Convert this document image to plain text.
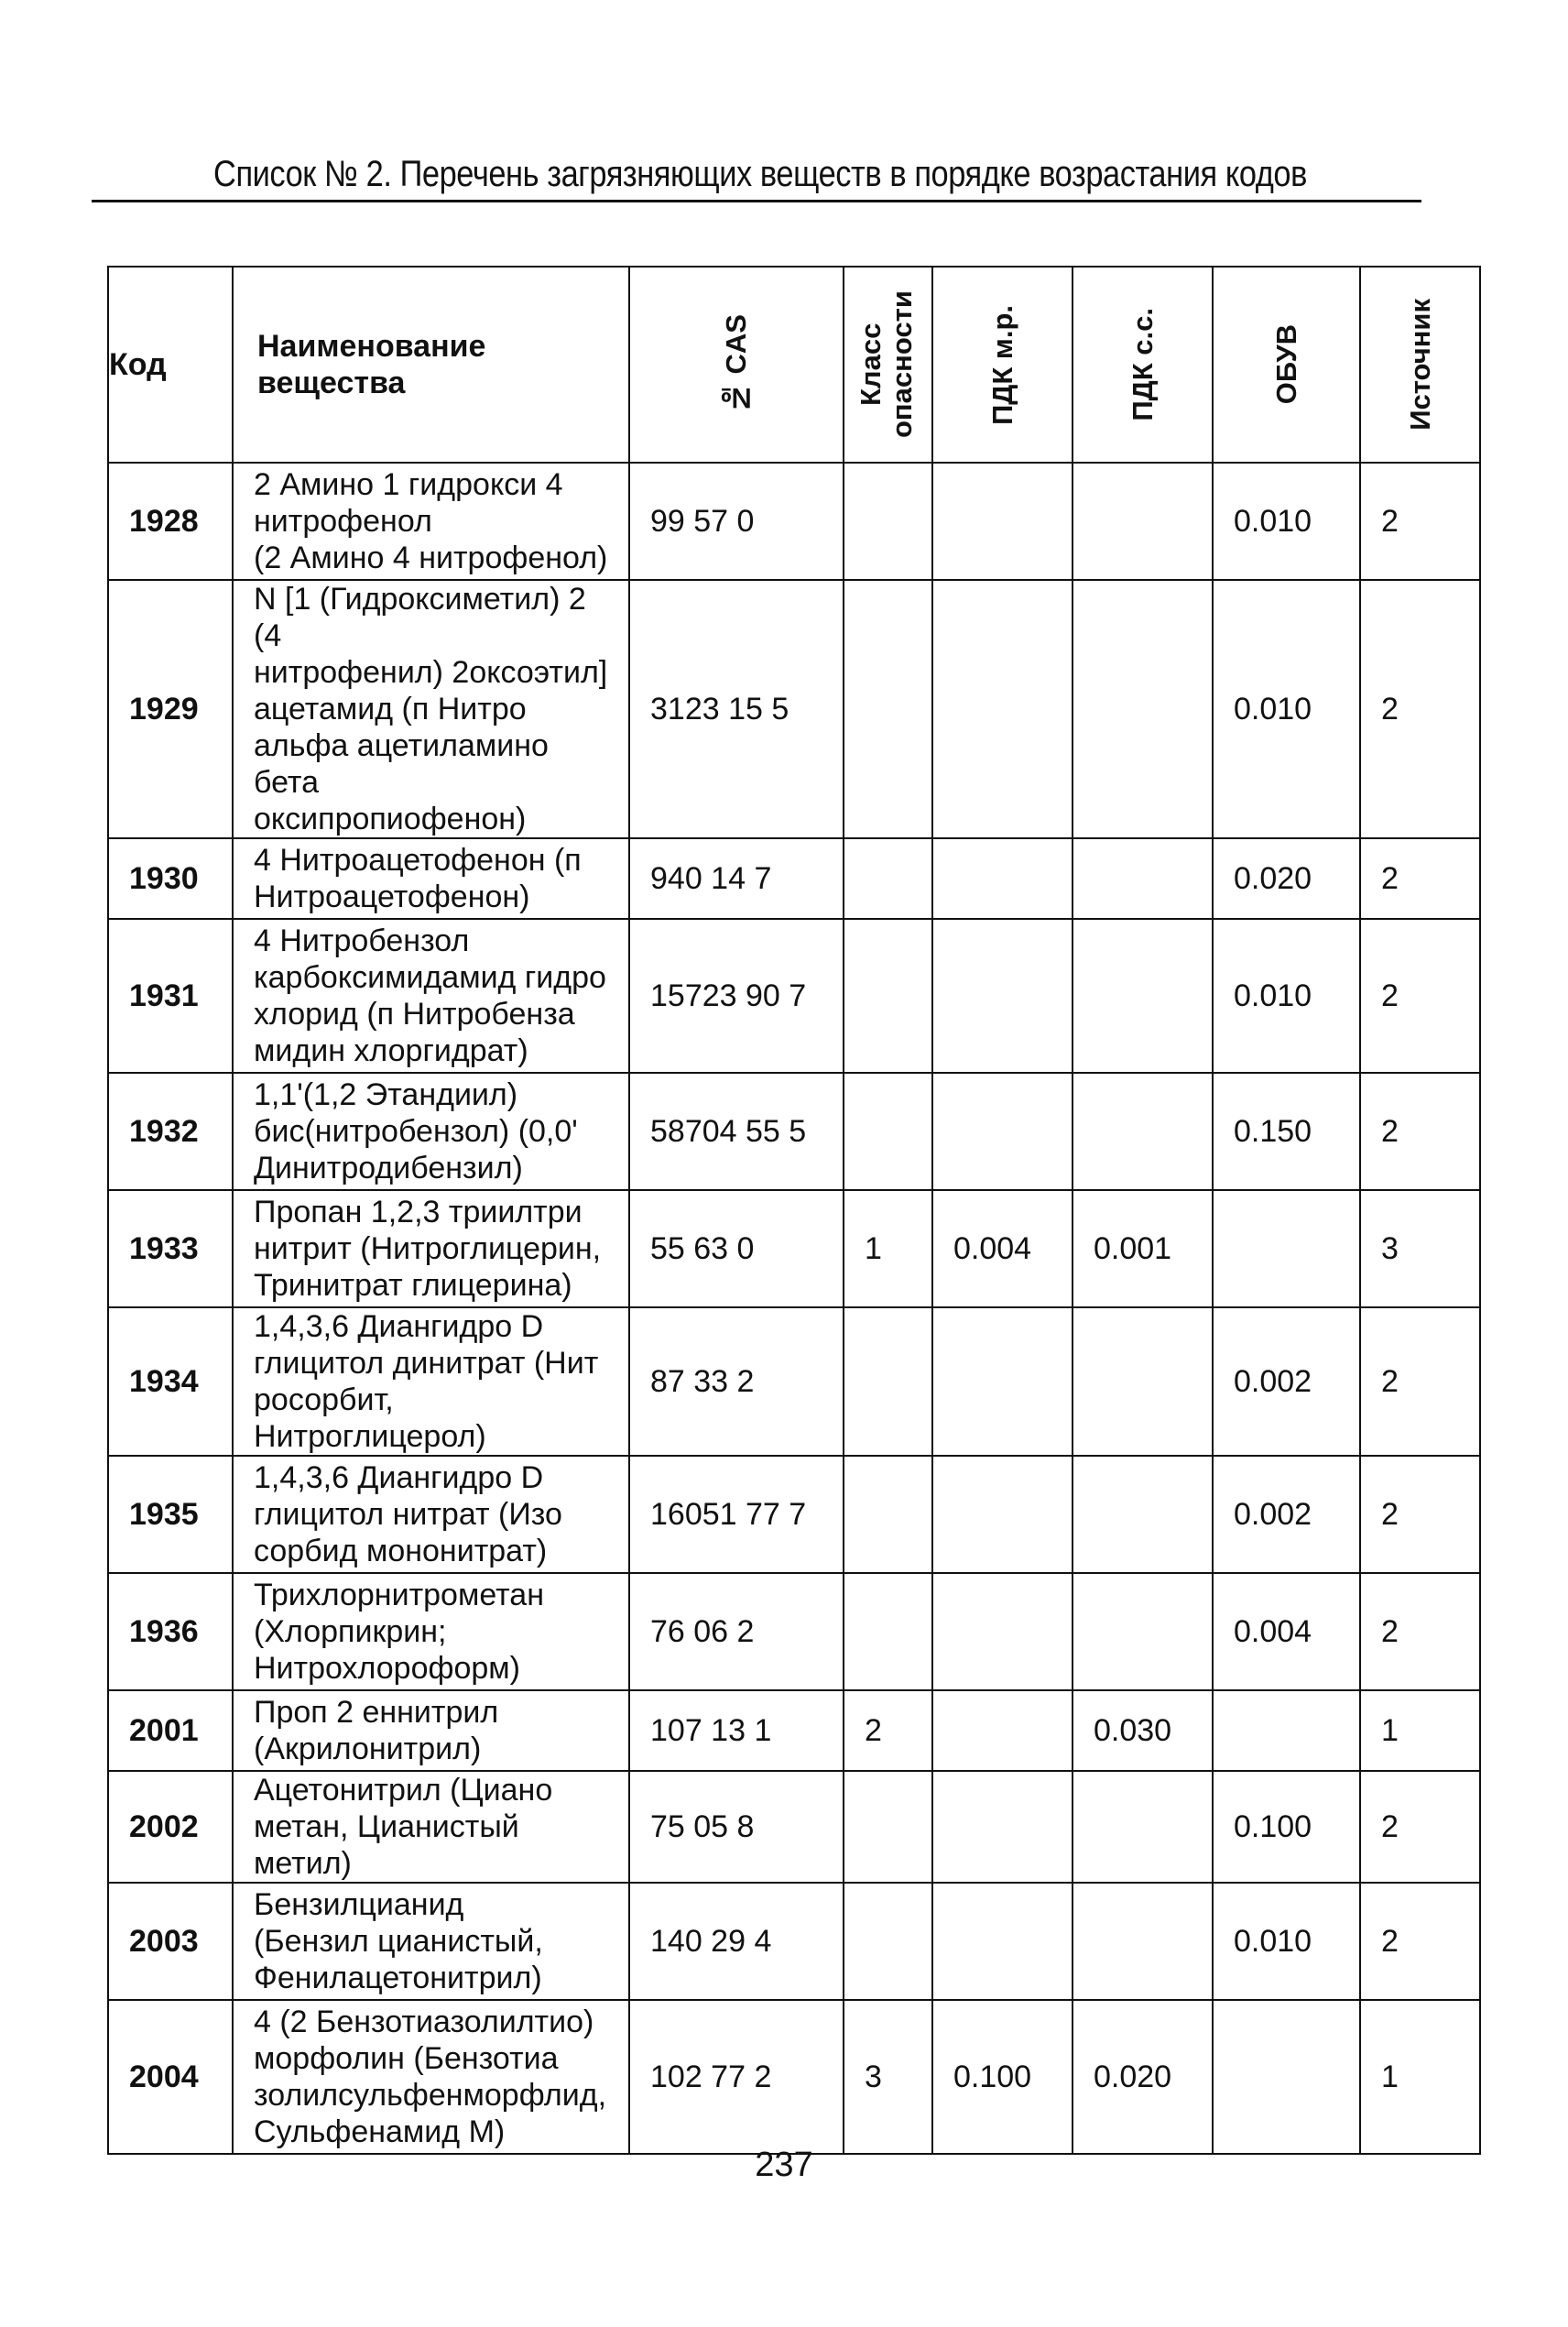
Список № 2. Перечень загрязняющих веществ в порядке возрастания кодов
Код	Наименование вещества	№ CAS	Класс опасности	ПДК м.р.	ПДК с.с.	ОБУВ	Источник

1928	2 Амино 1 гидрокси 4
нитрофенол
(2 Амино 4 нитрофенол)	99 57 0				0.010	2
1929	N [1 (Гидроксиметил) 2 (4
нитрофенил) 2оксоэтил]
ацетамид (п Нитро
альфа ацетиламино бета
оксипропиофенон)	3123 15 5				0.010	2
1930	4 Нитроацетофенон (п
Нитроацетофенон)	940 14 7				0.020	2
1931	4 Нитробензол
карбоксимидамид гидро
хлорид (п Нитробенза
мидин хлоргидрат)	15723 90 7				0.010	2
1932	1,1'(1,2 Этандиил)
бис(нитробензол) (0,0'
Динитродибензил)	58704 55 5				0.150	2
1933	Пропан 1,2,3 триилтри
нитрит (Нитроглицерин,
Тринитрат глицерина)	55 63 0	1	0.004	0.001		3
1934	1,4,3,6 Диангидро D
глицитол динитрат (Нит
росорбит, Нитроглицерол)	87 33 2				0.002	2
1935	1,4,3,6 Диангидро D
глицитол нитрат (Изо
сорбид мононитрат)	16051 77 7				0.002	2
1936	Трихлорнитрометан
(Хлорпикрин;
Нитрохлороформ)	76 06 2				0.004	2
2001	Проп 2 еннитрил
(Акрилонитрил)	107 13 1	2		0.030		1
2002	Ацетонитрил (Циано
метан, Цианистый метил)	75 05 8				0.100	2
2003	Бензилцианид
(Бензил цианистый,
Фенилацетонитрил)	140 29 4				0.010	2
2004	4 (2 Бензотиазолилтио)
морфолин (Бензотиа
золилсульфенморфлид,
Сульфенамид М)	102 77 2	3	0.100	0.020		1
237
